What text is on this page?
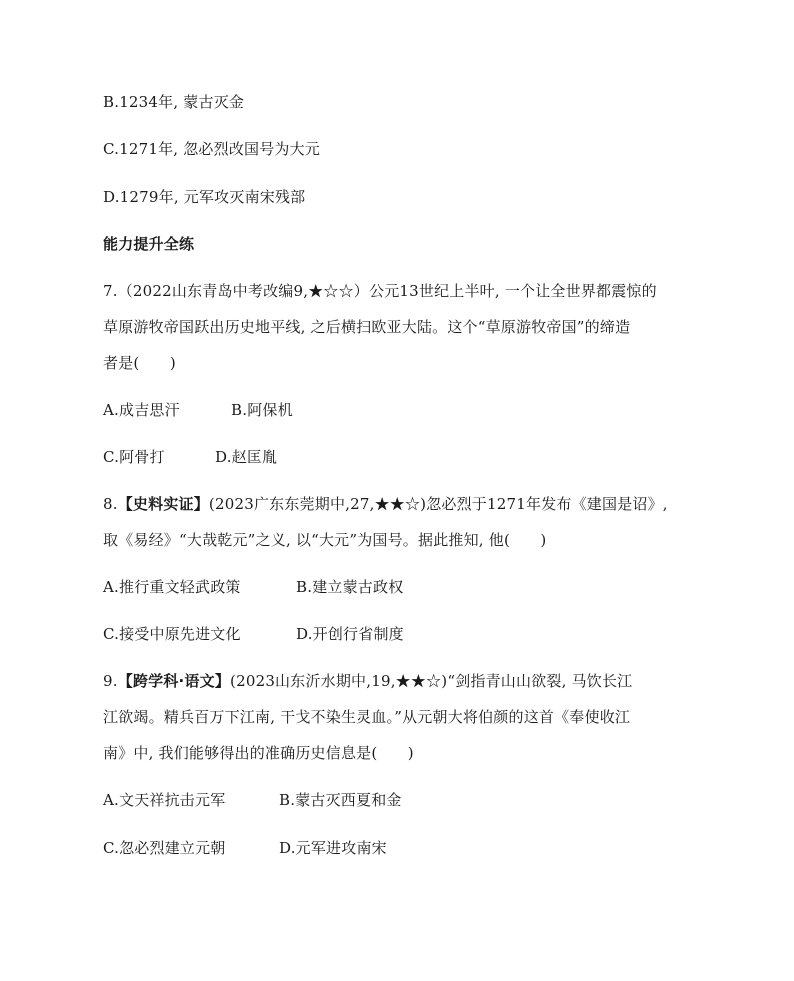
B.1234年, 蒙古灭金
C.1271年, 忽必烈改国号为大元
D.1279年, 元军攻灭南宋残部
能力提升全练
7.（2022山东青岛中考改编9,★☆☆）公元13世纪上半叶, 一个让全世界都震惊的
草原游牧帝国跃出历史地平线, 之后横扫欧亚大陆。这个“草原游牧帝国”的缔造
者是(　　)
A.成吉思汗	B.阿保机
C.阿骨打	D.赵匡胤
8.【史料实证】(2023广东东莞期中,27,★★☆)忽必烈于1271年发布《建国是诏》,
取《易经》“大哉乾元”之义, 以“大元”为国号。据此推知, 他(　　)
A.推行重文轻武政策	B.建立蒙古政权
C.接受中原先进文化	D.开创行省制度
9.【跨学科·语文】(2023山东沂水期中,19,★★☆)“剑指青山山欲裂, 马饮长江
江欲竭。精兵百万下江南, 干戈不染生灵血。”从元朝大将伯颜的这首《奉使收江
南》中, 我们能够得出的准确历史信息是(　　)
A.文天祥抗击元军	B.蒙古灭西夏和金
C.忽必烈建立元朝	D.元军进攻南宋
